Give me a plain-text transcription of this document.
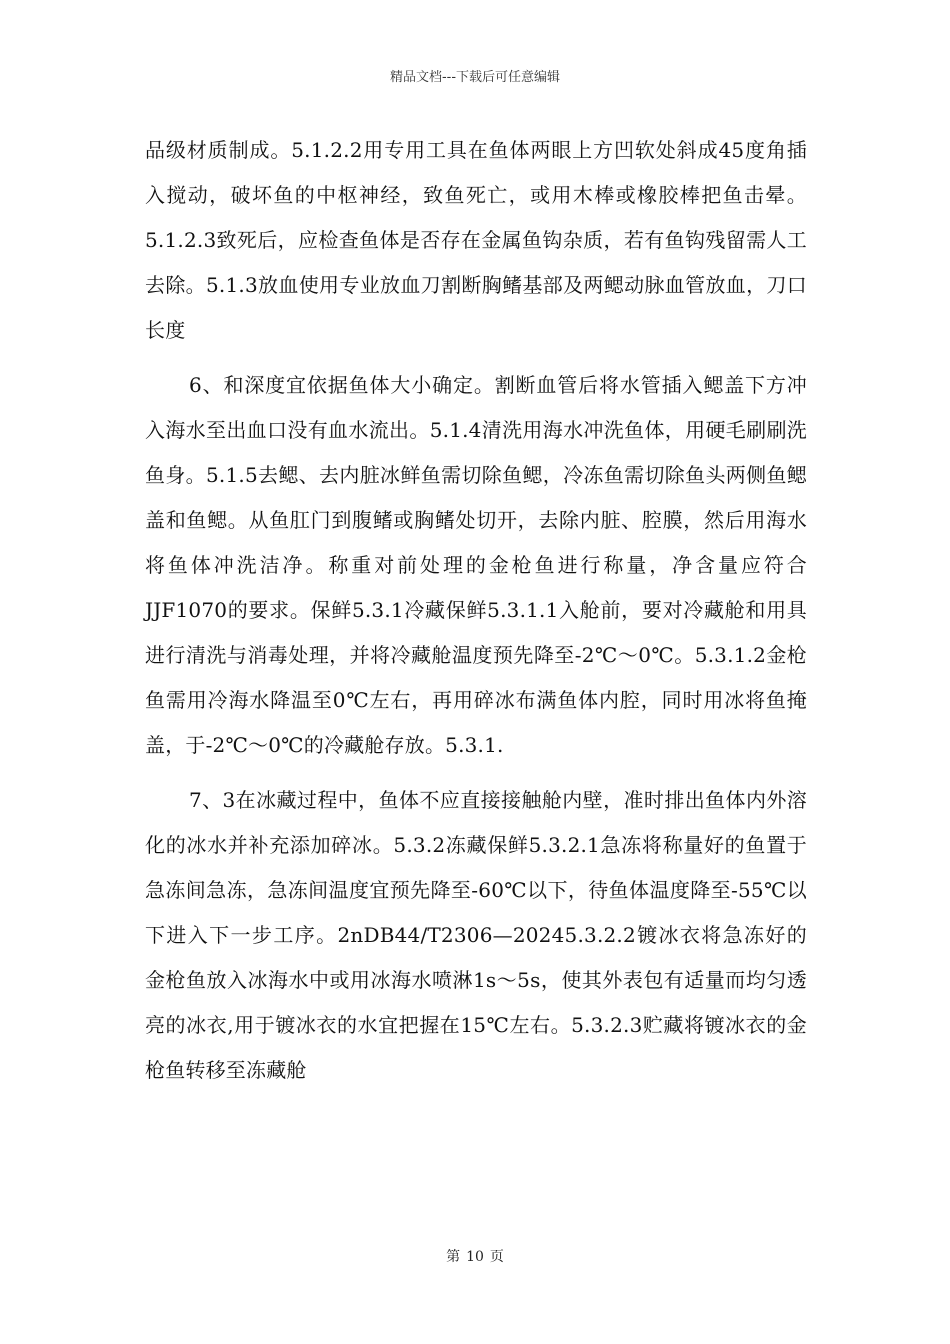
精品文档---下载后可任意编辑

品级材质制成。5.1.2.2用专用工具在鱼体两眼上方凹软处斜成45度角插入搅动，破坏鱼的中枢神经，致鱼死亡，或用木棒或橡胶棒把鱼击晕。5.1.2.3致死后，应检查鱼体是否存在金属鱼钩杂质，若有鱼钩残留需人工去除。5.1.3放血使用专业放血刀割断胸鳍基部及两鳃动脉血管放血，刀口长度

6、和深度宜依据鱼体大小确定。割断血管后将水管插入鳃盖下方冲入海水至出血口没有血水流出。5.1.4清洗用海水冲洗鱼体，用硬毛刷刷洗鱼身。5.1.5去鳃、去内脏冰鲜鱼需切除鱼鳃，冷冻鱼需切除鱼头两侧鱼鳃盖和鱼鳃。从鱼肛门到腹鳍或胸鳍处切开，去除内脏、腔膜，然后用海水将鱼体冲洗洁净。称重对前处理的金枪鱼进行称量，净含量应符合JJF1070的要求。保鲜5.3.1冷藏保鲜5.3.1.1入舱前，要对冷藏舱和用具进行清洗与消毒处理，并将冷藏舱温度预先降至-2℃～0℃。5.3.1.2金枪鱼需用冷海水降温至0℃左右，再用碎冰布满鱼体内腔，同时用冰将鱼掩盖，于-2℃～0℃的冷藏舱存放。5.3.1.

7、3在冰藏过程中，鱼体不应直接接触舱内壁，准时排出鱼体内外溶化的冰水并补充添加碎冰。5.3.2冻藏保鲜5.3.2.1急冻将称量好的鱼置于急冻间急冻，急冻间温度宜预先降至-60℃以下，待鱼体温度降至-55℃以下进入下一步工序。2nDB44/T2306—20245.3.2.2镀冰衣将急冻好的金枪鱼放入冰海水中或用冰海水喷淋1s～5s，使其外表包有适量而均匀透亮的冰衣,用于镀冰衣的水宜把握在15℃左右。5.3.2.3贮藏将镀冰衣的金枪鱼转移至冻藏舱

第 10 页
